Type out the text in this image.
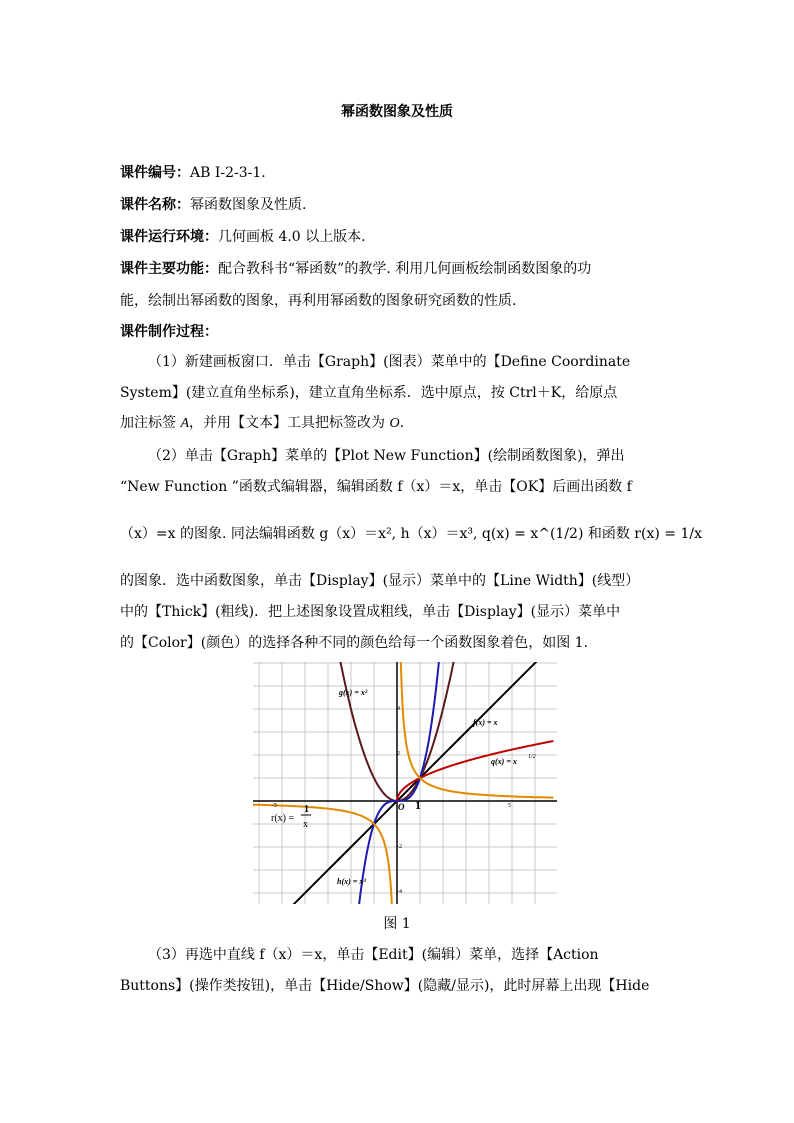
幂函数图象及性质
课件编号：AB Ⅰ-2-3-1.
课件名称：幂函数图象及性质.
课件运行环境：几何画板 4.0 以上版本.
课件主要功能：配合教科书“幂函数”的教学. 利用几何画板绘制函数图象的功
能，绘制出幂函数的图象，再利用幂函数的图象研究函数的性质.
课件制作过程：
（1）新建画板窗口．单击【Graph】(图表）菜单中的【Define Coordinate
System】(建立直角坐标系)，建立直角坐标系．选中原点，按 Ctrl＋K，给原点
加注标签 A，并用【文本】工具把标签改为 O.
（2）单击【Graph】菜单的【Plot New Function】(绘制函数图象)，弹出
“New Function ”函数式编辑器，编辑函数 f（x）＝x，单击【OK】后画出函数 f
（x）=x 的图象. 同法编辑函数 g（x）＝x², h（x）＝x³, q(x) = x^(1/2) 和函数 r(x) = 1/x
的图象．选中函数图象，单击【Display】(显示）菜单中的【Line Width】(线型）
中的【Thick】(粗线)．把上述图象设置成粗线，单击【Display】(显示）菜单中
的【Color】(颜色）的选择各种不同的颜色给每一个函数图象着色，如图 1.
g(x) = x²
f(x) = x
q(x) = x 1/2
h(x) = x³
r(x) =
1
x
O 1
-5	5
2
4
-2
-4
图 1
（3）再选中直线 f（x）＝x，单击【Edit】(编辑）菜单，选择【Action
Buttons】(操作类按钮)，单击【Hide/Show】(隐藏/显示)，此时屏幕上出现【Hide
